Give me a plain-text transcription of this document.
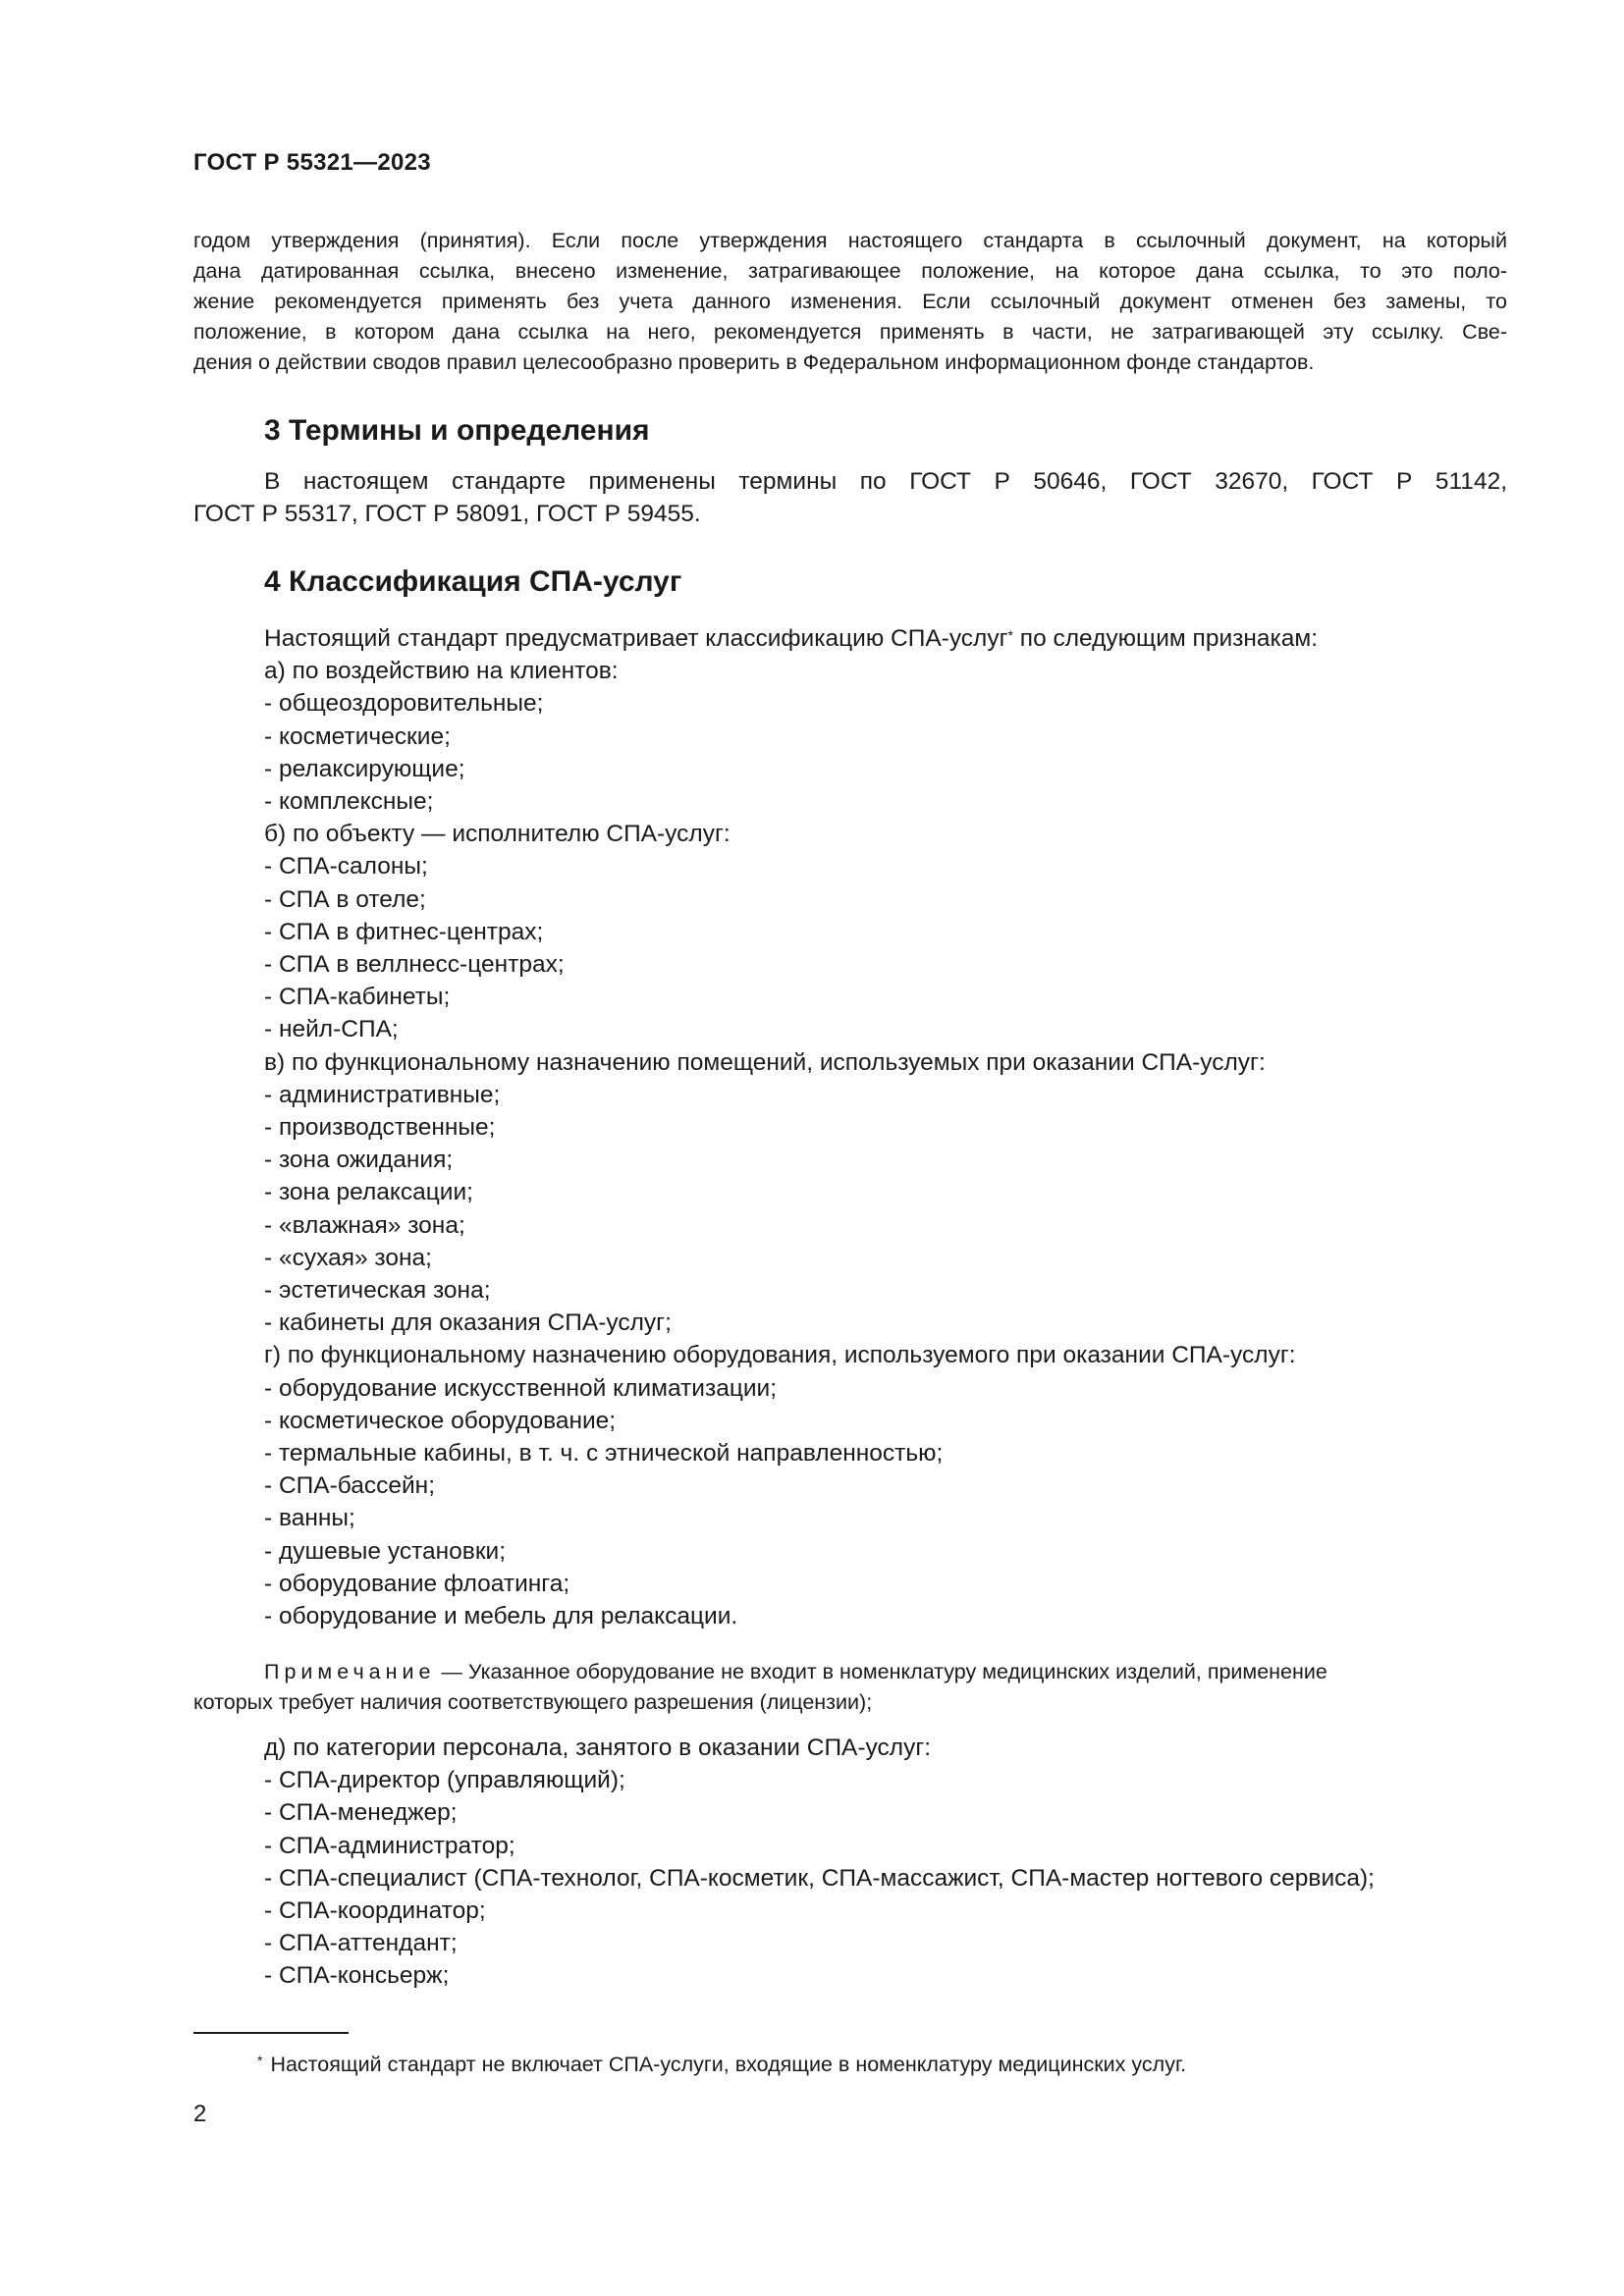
ГОСТ Р 55321—2023

годом утверждения (принятия). Если после утверждения настоящего стандарта в ссылочный документ, на который
дана датированная ссылка, внесено изменение, затрагивающее положение, на которое дана ссылка, то это поло-
жение рекомендуется применять без учета данного изменения. Если ссылочный документ отменен без замены, то
положение, в котором дана ссылка на него, рекомендуется применять в части, не затрагивающей эту ссылку. Све-
дения о действии сводов правил целесообразно проверить в Федеральном информационном фонде стандартов.

3 Термины и определения

В настоящем стандарте применены термины по ГОСТ Р 50646, ГОСТ 32670, ГОСТ Р 51142,
ГОСТ Р 55317, ГОСТ Р 58091, ГОСТ Р 59455.

4 Классификация СПА-услуг
Настоящий стандарт предусматривает классификацию СПА-услуг* по следующим признакам:
а) по воздействию на клиентов:
- общеоздоровительные;
- косметические;
- релаксирующие;
- комплексные;
б) по объекту — исполнителю СПА-услуг:
- СПА-салоны;
- СПА в отеле;
- СПА в фитнес-центрах;
- СПА в веллнесс-центрах;
- СПА-кабинеты;
- нейл-СПА;
в) по функциональному назначению помещений, используемых при оказании СПА-услуг:
- административные;
- производственные;
- зона ожидания;
- зона релаксации;
- «влажная» зона;
- «сухая» зона;
- эстетическая зона;
- кабинеты для оказания СПА-услуг;
г) по функциональному назначению оборудования, используемого при оказании СПА-услуг:
- оборудование искусственной климатизации;
- косметическое оборудование;
- термальные кабины, в т. ч. с этнической направленностью;
- СПА-бассейн;
- ванны;
- душевые установки;
- оборудование флоатинга;
- оборудование и мебель для релаксации.

Примечание — Указанное оборудование не входит в номенклатуру медицинских изделий, применение
которых требует наличия соответствующего разрешения (лицензии);

д) по категории персонала, занятого в оказании СПА-услуг:
- СПА-директор (управляющий);
- СПА-менеджер;
- СПА-администратор;
- СПА-специалист (СПА-технолог, СПА-косметик, СПА-массажист, СПА-мастер ногтевого сервиса);
- СПА-координатор;
- СПА-аттендант;
- СПА-консьерж;
* Настоящий стандарт не включает СПА-услуги, входящие в номенклатуру медицинских услуг.
2
